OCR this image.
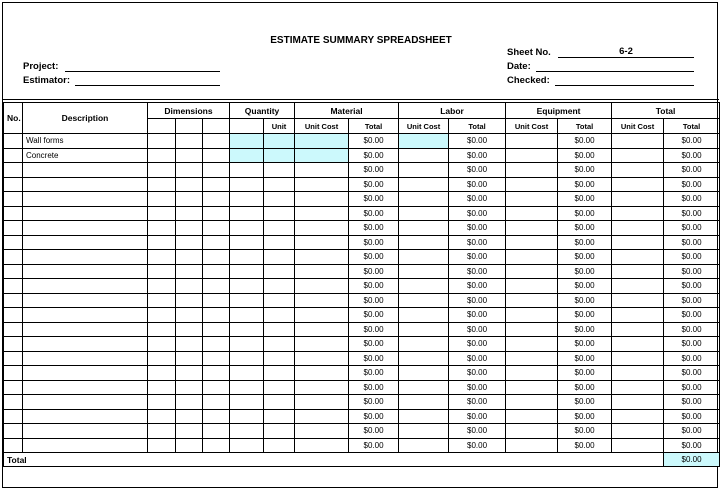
ESTIMATE SUMMARY SPREADSHEET
Project:
Estimator:
Sheet No.	6-2
Date:
Checked:
No.	Description	Dimensions			Quantity		Material		Labor		Equipment		Total	
						Unit	Unit Cost	Total	Unit Cost	Total	Unit Cost	Total	Unit Cost	Total
	Wall forms							$0.00		$0.00		$0.00		$0.00
	Concrete							$0.00		$0.00		$0.00		$0.00
								$0.00		$0.00		$0.00		$0.00
								$0.00		$0.00		$0.00		$0.00
								$0.00		$0.00		$0.00		$0.00
								$0.00		$0.00		$0.00		$0.00
								$0.00		$0.00		$0.00		$0.00
								$0.00		$0.00		$0.00		$0.00
								$0.00		$0.00		$0.00		$0.00
								$0.00		$0.00		$0.00		$0.00
								$0.00		$0.00		$0.00		$0.00
								$0.00		$0.00		$0.00		$0.00
								$0.00		$0.00		$0.00		$0.00
								$0.00		$0.00		$0.00		$0.00
								$0.00		$0.00		$0.00		$0.00
								$0.00		$0.00		$0.00		$0.00
								$0.00		$0.00		$0.00		$0.00
								$0.00		$0.00		$0.00		$0.00
								$0.00		$0.00		$0.00		$0.00
								$0.00		$0.00		$0.00		$0.00
								$0.00		$0.00		$0.00		$0.00
								$0.00		$0.00		$0.00		$0.00
Total														$0.00
